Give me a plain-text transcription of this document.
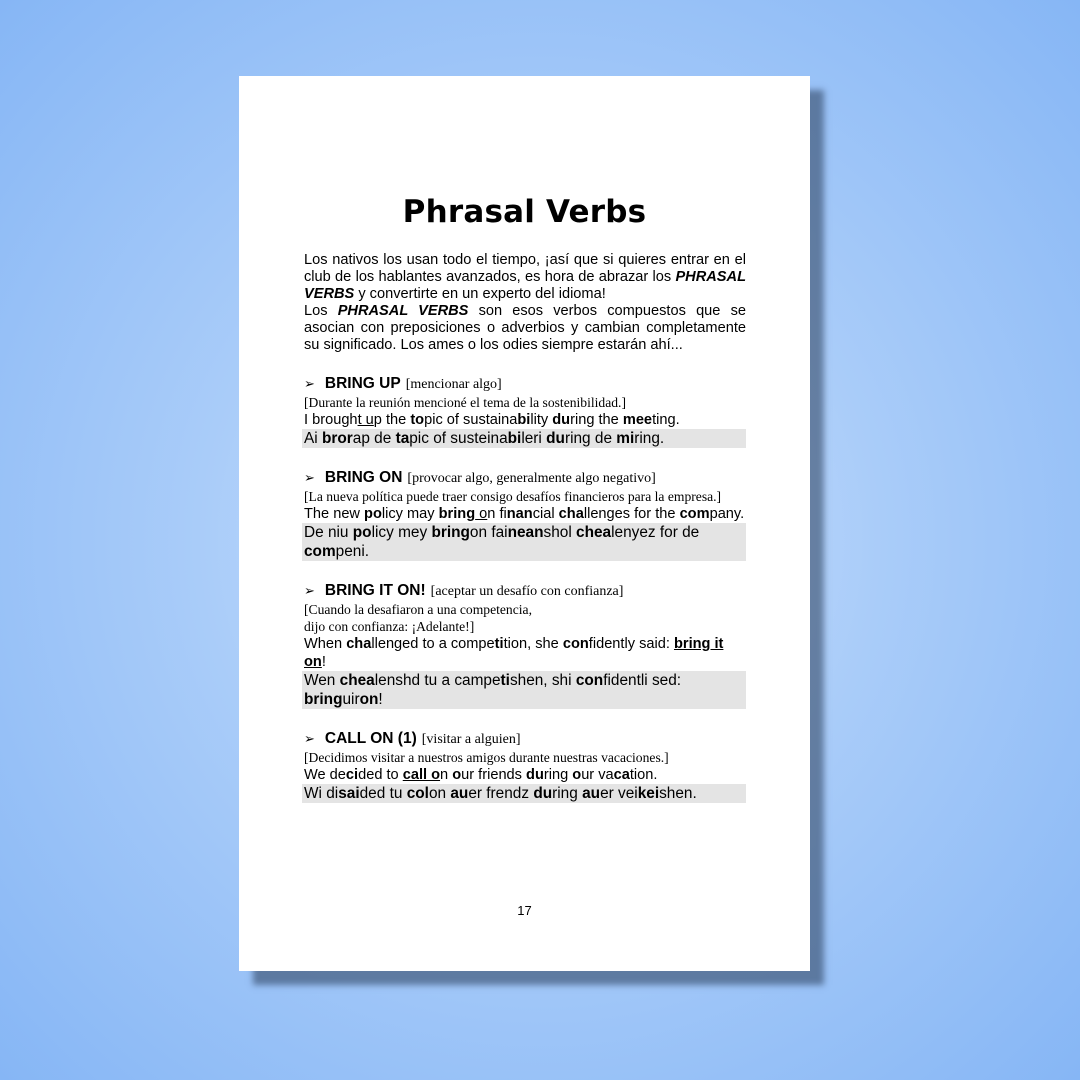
Phrasal Verbs

Los nativos los usan todo el tiempo, ¡así que si quieres entrar en el club de los hablantes avanzados, es hora de abrazar los PHRASAL VERBS y convertirte en un experto del idioma!

Los PHRASAL VERBS son esos verbos compuestos que se asocian con preposiciones o adverbios y cambian completamente su significado. Los ames o los odies siempre estarán ahí...

➢ BRING UP [mencionar algo]
[Durante la reunión mencioné el tema de la sostenibilidad.]
I brought up the topic of sustainability during the meeting.
Ai brorap de tapic of susteinabileri during de miring.
➢ BRING ON [provocar algo, generalmente algo negativo]
[La nueva política puede traer consigo desafíos financieros para la empresa.]
The new policy may bring on financial challenges for the company.
De niu policy mey bringon faineanshol chealenyez for de compeni.
➢ BRING IT ON! [aceptar un desafío con confianza]
[Cuando la desafiaron a una competencia,
dijo con confianza: ¡Adelante!]
When challenged to a competition, she confidently said: bring it on!
Wen chealenshd tu a campetishen, shi confidentli sed: bringuiron!
➢ CALL ON (1) [visitar a alguien]
[Decidimos visitar a nuestros amigos durante nuestras vacaciones.]
We decided to call on our friends during our vacation.
Wi disaided tu colon auer frendz during auer veikeishen.
17
